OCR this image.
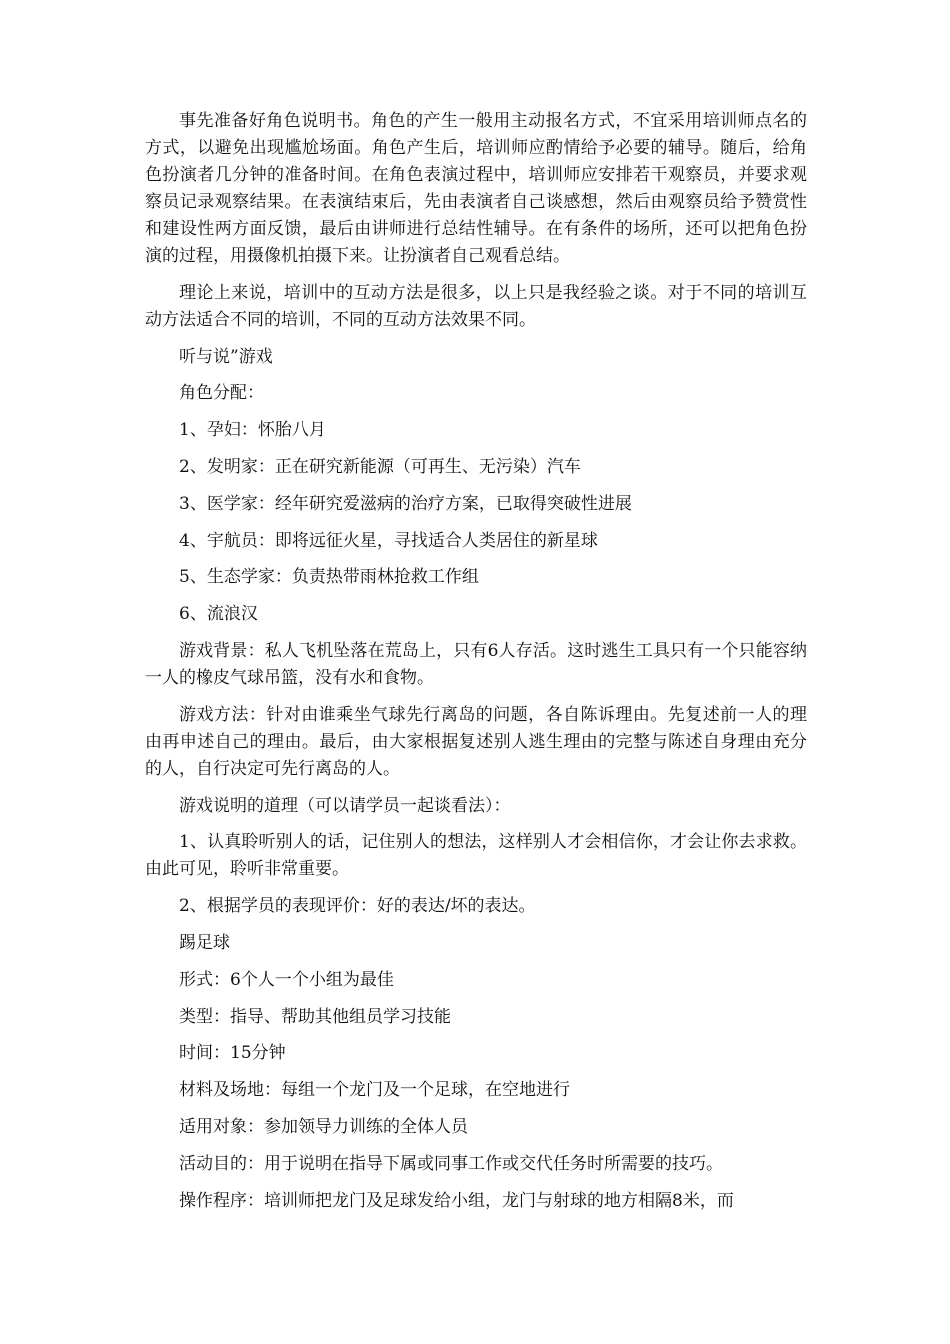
事先准备好角色说明书。角色的产生一般用主动报名方式，不宜采用培训师点名的方式，以避免出现尴尬场面。角色产生后，培训师应酌情给予必要的辅导。随后，给角色扮演者几分钟的准备时间。在角色表演过程中，培训师应安排若干观察员，并要求观察员记录观察结果。在表演结束后，先由表演者自己谈感想，然后由观察员给予赞赏性和建设性两方面反馈，最后由讲师进行总结性辅导。在有条件的场所，还可以把角色扮演的过程，用摄像机拍摄下来。让扮演者自己观看总结。

理论上来说，培训中的互动方法是很多，以上只是我经验之谈。对于不同的培训互动方法适合不同的培训，不同的互动方法效果不同。

听与说”游戏

角色分配：

1、孕妇：怀胎八月

2、发明家：正在研究新能源（可再生、无污染）汽车

3、医学家：经年研究爱滋病的治疗方案，已取得突破性进展

4、宇航员：即将远征火星，寻找适合人类居住的新星球

5、生态学家：负责热带雨林抢救工作组

6、流浪汉

游戏背景：私人飞机坠落在荒岛上，只有6人存活。这时逃生工具只有一个只能容纳一人的橡皮气球吊篮，没有水和食物。

游戏方法：针对由谁乘坐气球先行离岛的问题，各自陈诉理由。先复述前一人的理由再申述自己的理由。最后，由大家根据复述别人逃生理由的完整与陈述自身理由充分的人，自行决定可先行离岛的人。

游戏说明的道理（可以请学员一起谈看法）：

1、认真聆听别人的话，记住别人的想法，这样别人才会相信你，才会让你去求救。由此可见，聆听非常重要。

2、根据学员的表现评价：好的表达/坏的表达。

踢足球

形式：6个人一个小组为最佳

类型：指导、帮助其他组员学习技能

时间：15分钟

材料及场地：每组一个龙门及一个足球，在空地进行

适用对象：参加领导力训练的全体人员

活动目的：用于说明在指导下属或同事工作或交代任务时所需要的技巧。

操作程序：培训师把龙门及足球发给小组，龙门与射球的地方相隔8米，而
